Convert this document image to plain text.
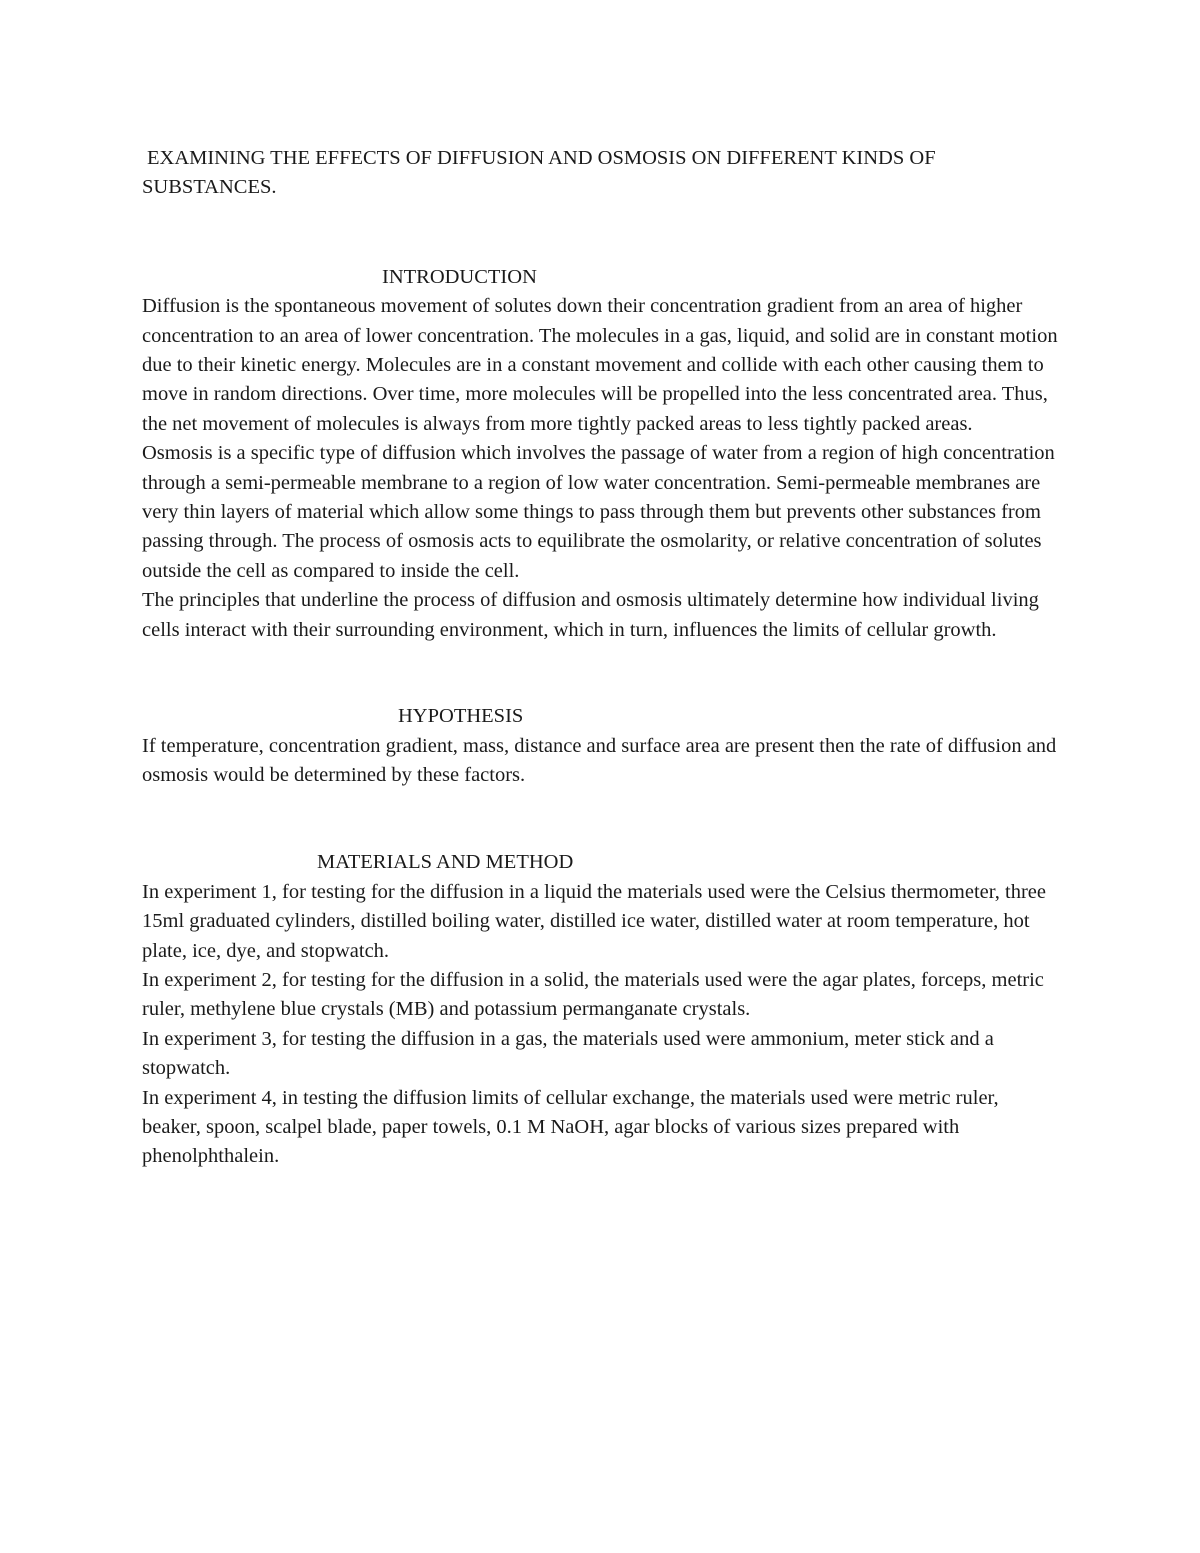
EXAMINING THE EFFECTS OF DIFFUSION AND OSMOSIS ON DIFFERENT KINDS OF SUBSTANCES.
INTRODUCTION

Diffusion is the spontaneous movement of solutes down their concentration gradient from an area of higher concentration to an area of lower concentration. The molecules in a gas, liquid, and solid are in constant motion due to their kinetic energy. Molecules are in a constant movement and collide with each other causing them to move in random directions. Over time, more molecules will be propelled into the less concentrated area. Thus, the net movement of molecules is always from more tightly packed areas to less tightly packed areas.

Osmosis is a specific type of diffusion which involves the passage of water from a region of high concentration through a semi-permeable membrane to a region of low water concentration. Semi-permeable membranes are very thin layers of material which allow some things to pass through them but prevents other substances from passing through. The process of osmosis acts to equilibrate the osmolarity, or relative concentration of solutes outside the cell as compared to inside the cell.

The principles that underline the process of diffusion and osmosis ultimately determine how individual living cells interact with their surrounding environment, which in turn, influences the limits of cellular growth.

HYPOTHESIS

If temperature, concentration gradient, mass, distance and surface area are present then the rate of diffusion and osmosis would be determined by these factors.

MATERIALS AND METHOD

In experiment 1, for testing for the diffusion in a liquid the materials used were the Celsius thermometer, three 15ml graduated cylinders, distilled boiling water, distilled ice water, distilled water at room temperature, hot plate, ice, dye, and stopwatch.

In experiment 2, for testing for the diffusion in a solid, the materials used were the agar plates, forceps, metric ruler, methylene blue crystals (MB) and potassium permanganate crystals.

In experiment 3, for testing the diffusion in a gas, the materials used were ammonium, meter stick and a stopwatch.

In experiment 4, in testing the diffusion limits of cellular exchange, the materials used were metric ruler, beaker, spoon, scalpel blade, paper towels, 0.1 M NaOH, agar blocks of various sizes prepared with phenolphthalein.
